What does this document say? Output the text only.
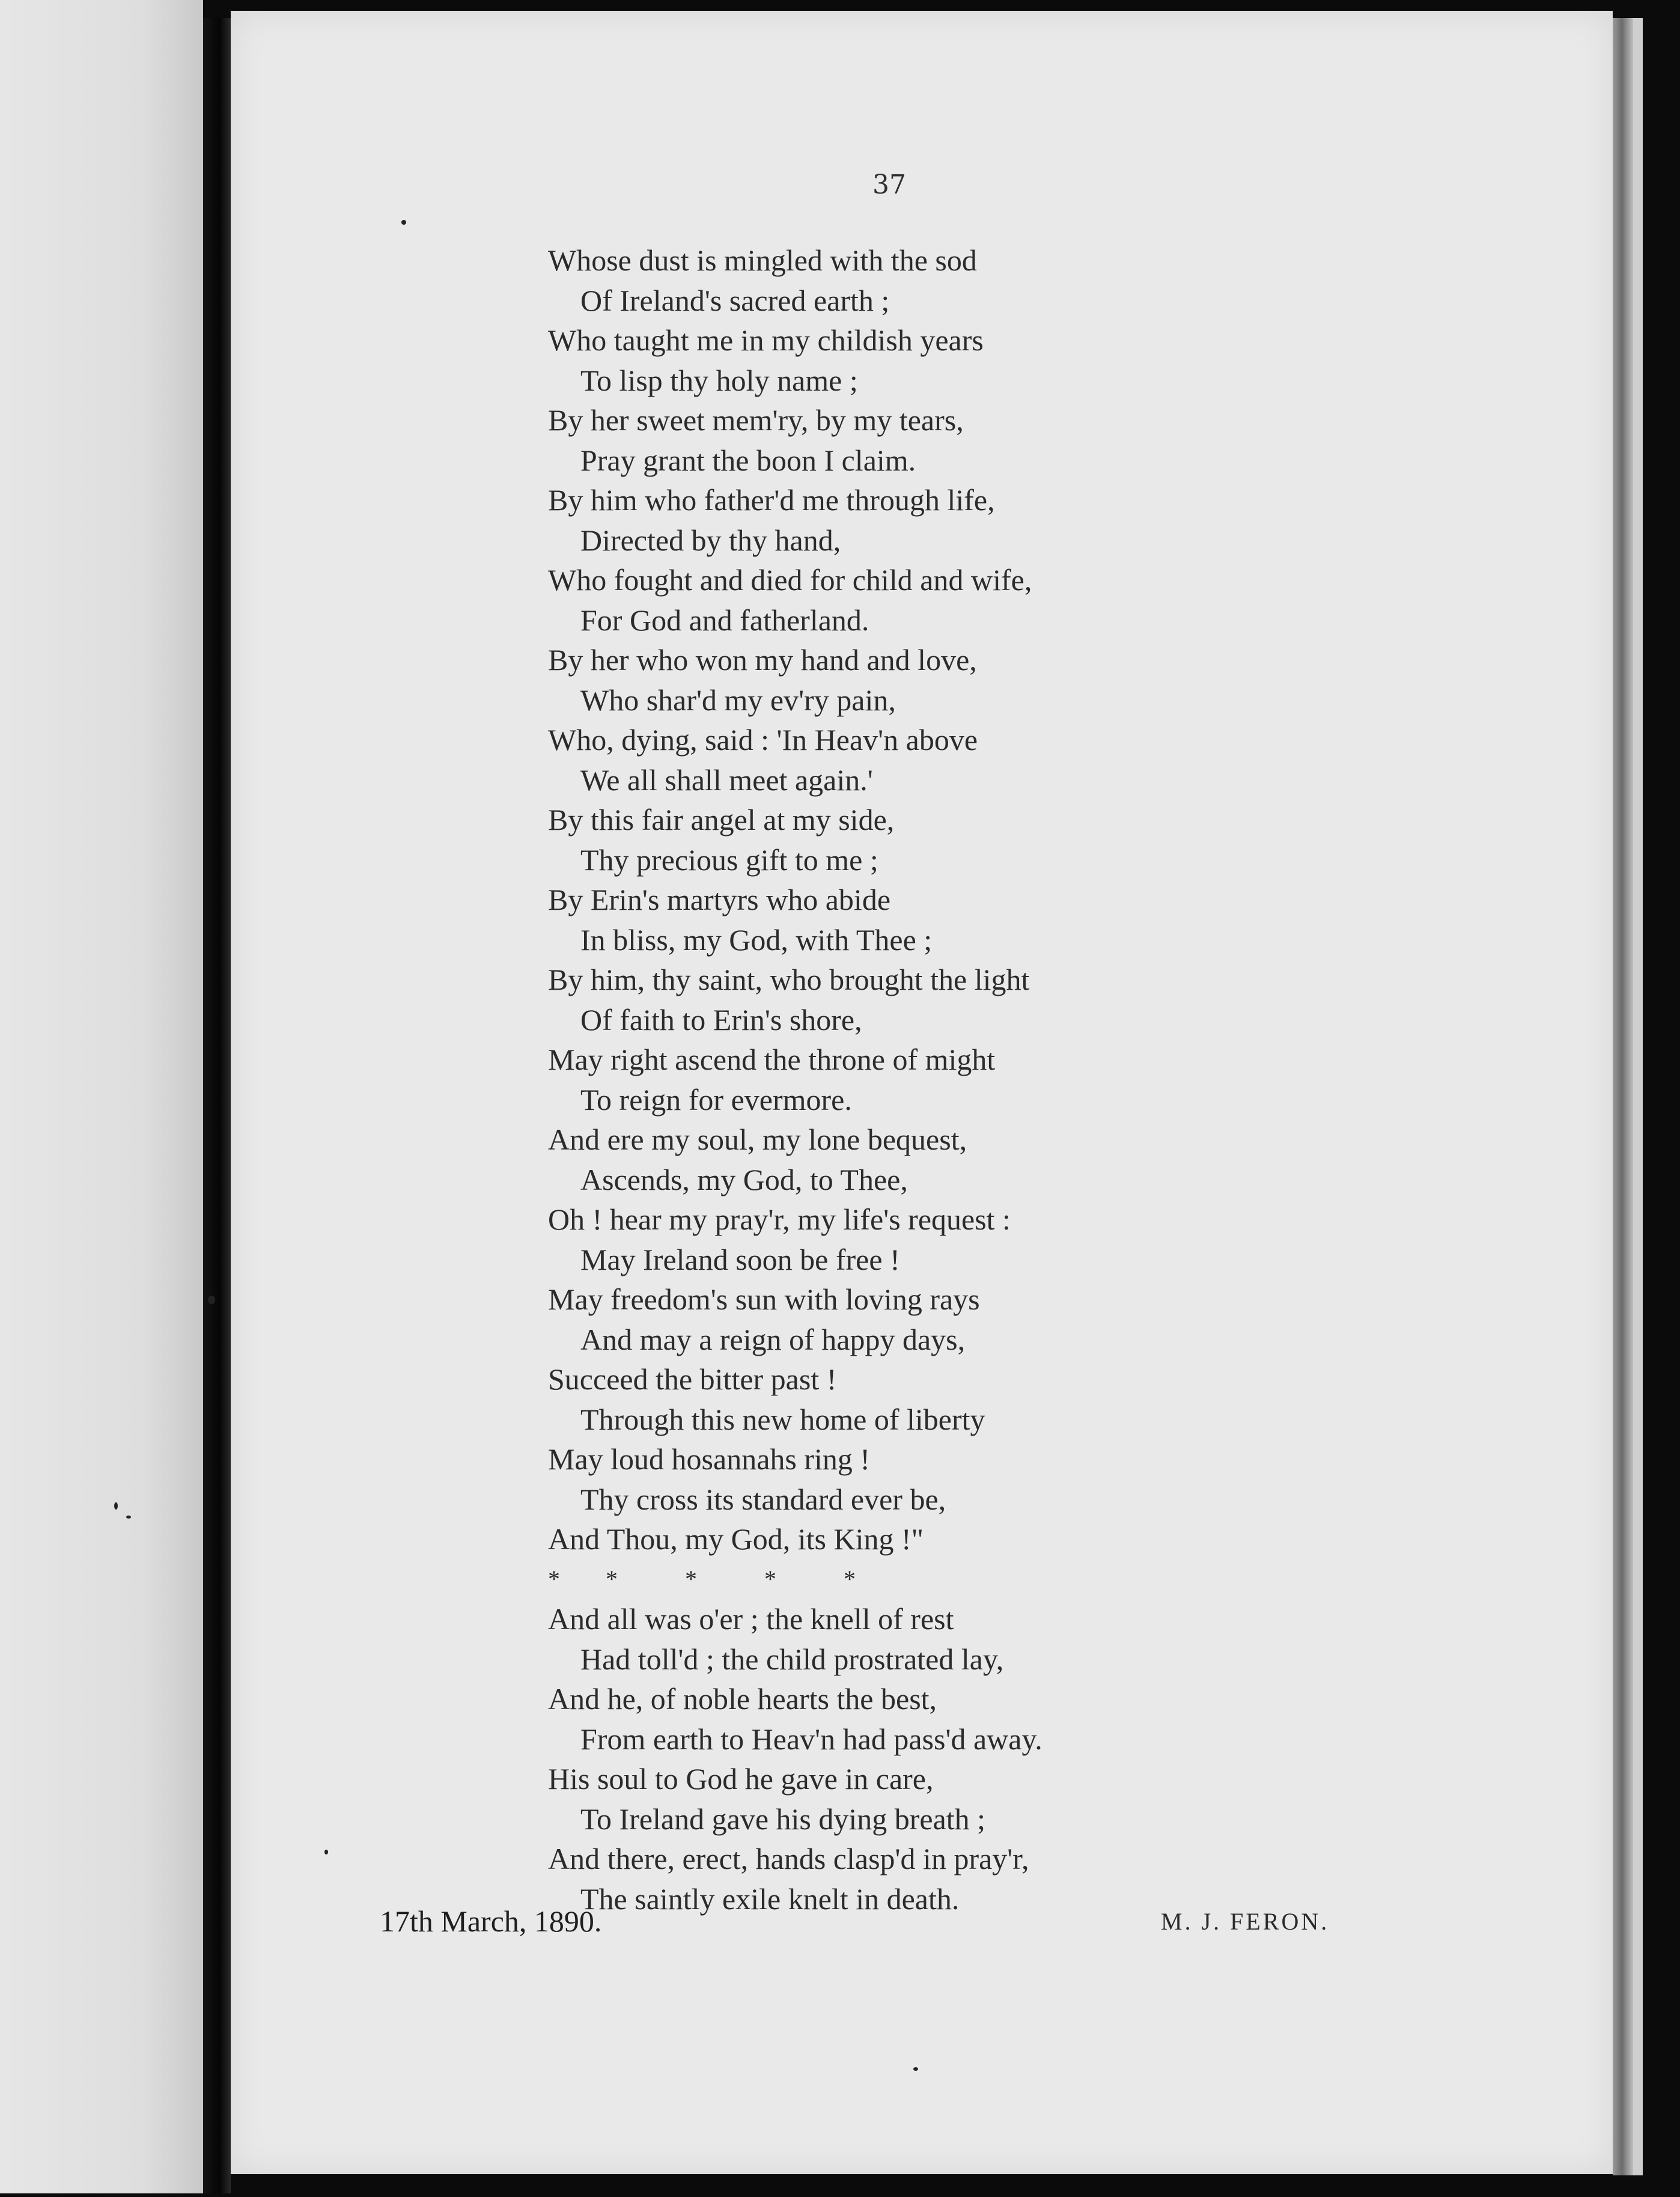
37

Whose dust is mingled with the sod
Of Ireland's sacred earth ;
Who taught me in my childish years
To lisp thy holy name ;
By her sweet mem'ry, by my tears,
Pray grant the boon I claim.
By him who father'd me through life,
Directed by thy hand,
Who fought and died for child and wife,
For God and fatherland.
By her who won my hand and love,
Who shar'd my ev'ry pain,
Who, dying, said : 'In Heav'n above
We all shall meet again.'
By this fair angel at my side,
Thy precious gift to me ;
By Erin's martyrs who abide
In bliss, my God, with Thee ;
By him, thy saint, who brought the light
Of faith to Erin's shore,
May right ascend the throne of might
To reign for evermore.
And ere my soul, my lone bequest,
Ascends, my God, to Thee,
Oh ! hear my pray'r, my life's request :
May Ireland soon be free !
May freedom's sun with loving rays
And may a reign of happy days,
Succeed the bitter past !
Through this new home of liberty
May loud hosannahs ring !
Thy cross its standard ever be,
And Thou, my God, its King !"
* *	*	*	*
And all was o'er ; the knell of rest
Had toll'd ; the child prostrated lay,
And he, of noble hearts the best,
From earth to Heav'n had pass'd away.
His soul to God he gave in care,
To Ireland gave his dying breath ;
And there, erect, hands clasp'd in pray'r,
The saintly exile knelt in death.

17th March, 1890.	M. J. FERON.
